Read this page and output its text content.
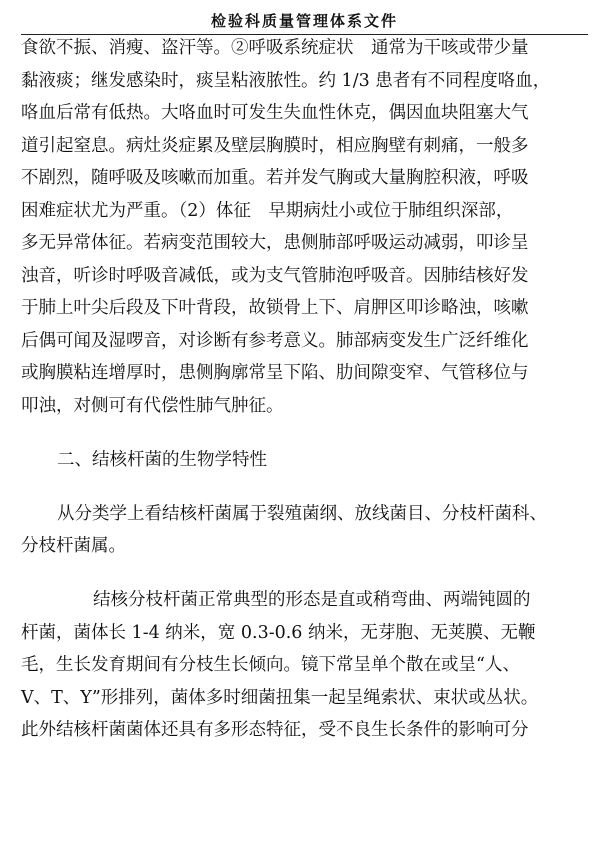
检验科质量管理体系文件
食欲不振、消瘦、盗汗等。②呼吸系统症状　通常为干咳或带少量
黏液痰；继发感染时，痰呈粘液脓性。约 1/3 患者有不同程度咯血，
咯血后常有低热。大咯血时可发生失血性休克，偶因血块阻塞大气
道引起窒息。病灶炎症累及壁层胸膜时，相应胸壁有刺痛，一般多
不剧烈，随呼吸及咳嗽而加重。若并发气胸或大量胸腔积液，呼吸
困难症状尤为严重。（2）体征　早期病灶小或位于肺组织深部，
多无异常体征。若病变范围较大，患侧肺部呼吸运动减弱，叩诊呈
浊音，听诊时呼吸音减低，或为支气管肺泡呼吸音。因肺结核好发
于肺上叶尖后段及下叶背段，故锁骨上下、肩胛区叩诊略浊，咳嗽
后偶可闻及湿啰音，对诊断有参考意义。肺部病变发生广泛纤维化
或胸膜粘连增厚时，患侧胸廓常呈下陷、肋间隙变窄、气管移位与
叩浊，对侧可有代偿性肺气肿征。
二、结核杆菌的生物学特性
从分类学上看结核杆菌属于裂殖菌纲、放线菌目、分枝杆菌科、
分枝杆菌属。
结核分枝杆菌正常典型的形态是直或稍弯曲、两端钝圆的
杆菌，菌体长 1-4 纳米，宽 0.3-0.6 纳米，无芽胞、无荚膜、无鞭
毛，生长发育期间有分枝生长倾向。镜下常呈单个散在或呈“人、
V、T、Y”形排列，菌体多时细菌扭集一起呈绳索状、束状或丛状。
此外结核杆菌菌体还具有多形态特征，受不良生长条件的影响可分
